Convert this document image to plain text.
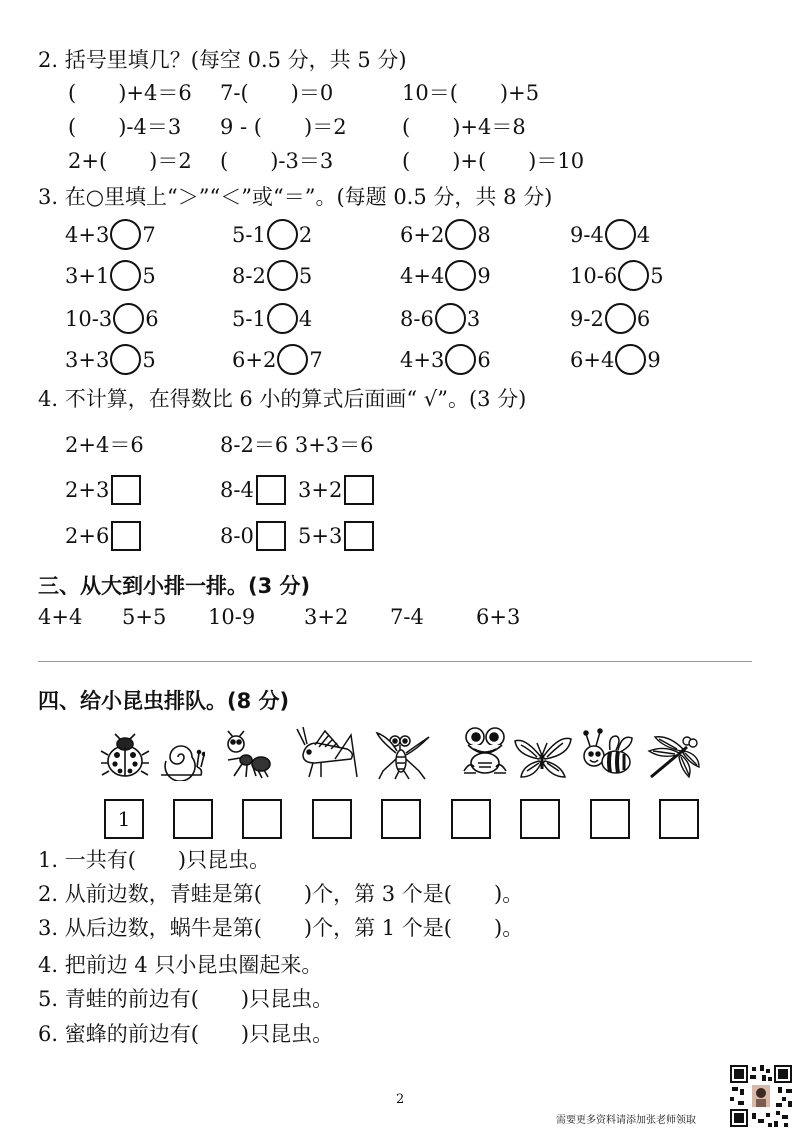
2. 括号里填几？(每空 0.5 分，共 5 分)
(　　)+4＝6 7-(　　)＝0	10＝(　　)+5
(　　)-4＝3 9 - (　　)＝2	(　　)+4＝8
2+(　　)＝2 (　　)-3＝3	(　　)+(　　)＝10
3. 在○里填上“＞”“＜”或“＝”。(每题 0.5 分，共 8 分)
4+3 7	5-1 2	6+2 8	9-4 4
3+1 5	8-2 5	4+4 9	10-6 5
10-3 6	5-1 4	8-6 3	9-2 6
3+3 5	6+2 7	4+3 6	6+4 9
4. 不计算，在得数比 6 小的算式后面画“ √”。(3 分)
2+4＝6	8-2＝6 3+3＝6
2+3	8-4 3+2
2+6	8-0 5+3
三、从大到小排一排。(3 分)
4+4 5+5 10-9 3+2 7-4 6+3
四、给小昆虫排队。(8 分)
1
1. 一共有(　　)只昆虫。
2. 从前边数，青蛙是第(　　)个，第 3 个是(　　)。
3. 从后边数，蜗牛是第(　　)个，第 1 个是(　　)。
4. 把前边 4 只小昆虫圈起来。
5. 青蛙的前边有(　　)只昆虫。
6. 蜜蜂的前边有(　　)只昆虫。
2
需要更多资料请添加张老师领取
